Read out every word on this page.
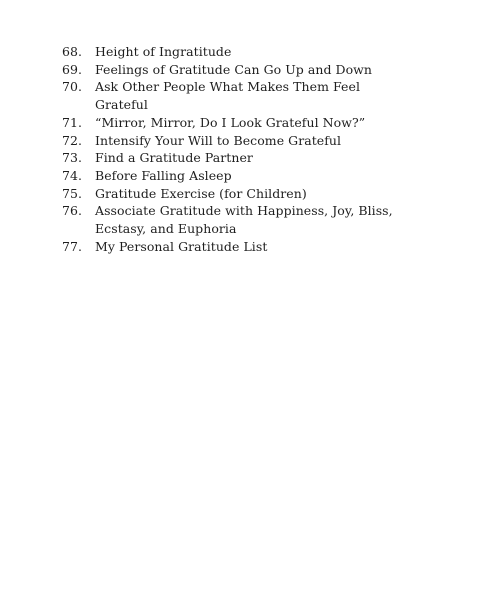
68.	Height of Ingratitude
69.	Feelings of Gratitude Can Go Up and Down
70.	Ask Other People What Makes Them Feel Grateful
71.	“Mirror, Mirror, Do I Look Grateful Now?”
72.	Intensify Your Will to Become Grateful
73.	Find a Gratitude Partner
74.	Before Falling Asleep
75.	Gratitude Exercise (for Children)
76.	Associate Gratitude with Happiness, Joy, Bliss, Ecstasy, and Euphoria
77.	My Personal Gratitude List
